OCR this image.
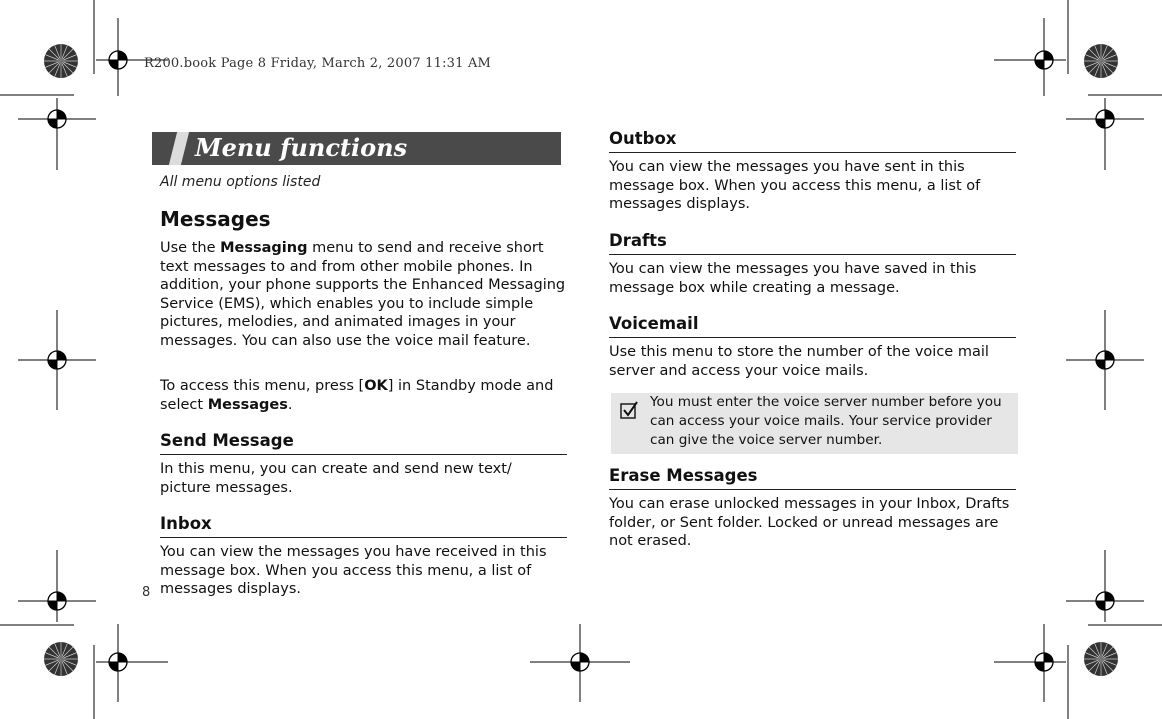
R200.book Page 8 Friday, March 2, 2007 11:31 AM
Menu functions
All menu options listed
Messages
Use the Messaging menu to send and receive short text messages to and from other mobile phones. In addition, your phone supports the Enhanced Messaging Service (EMS), which enables you to include simple pictures, melodies, and animated images in your messages. You can also use the voice mail feature.
To access this menu, press [OK] in Standby mode and select Messages.
Send Message
In this menu, you can create and send new text/ picture messages.
Inbox
You can view the messages you have received in this message box. When you access this menu, a list of messages displays.
8
Outbox
You can view the messages you have sent in this message box. When you access this menu, a list of messages displays.
Drafts
You can view the messages you have saved in this message box while creating a message.
Voicemail
Use this menu to store the number of the voice mail server and access your voice mails.
You must enter the voice server number before you can access your voice mails. Your service provider can give the voice server number.
Erase Messages
You can erase unlocked messages in your Inbox, Drafts folder, or Sent folder. Locked or unread messages are not erased.
